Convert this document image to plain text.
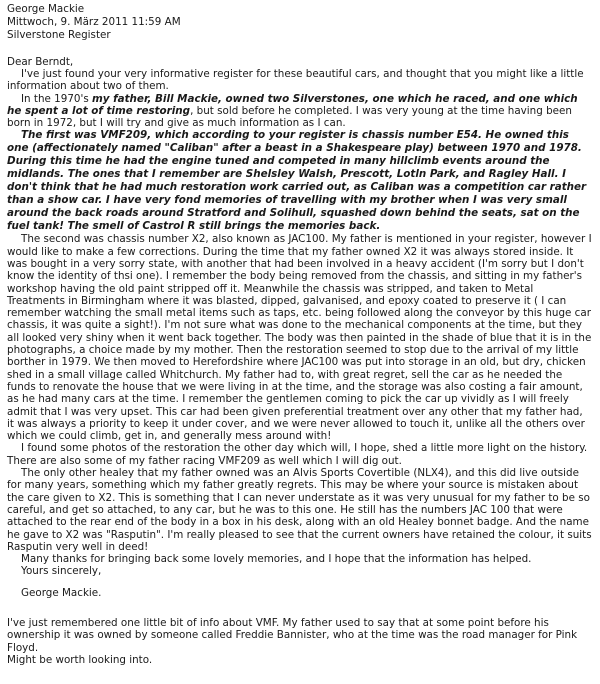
George Mackie
Mittwoch, 9. März 2011 11:59 AM
Silverstone Register

Dear Berndt,

I've just found your very informative register for these beautiful cars, and thought that you might like a little information about two of them.

In the 1970's my father, Bill Mackie, owned two Silverstones, one which he raced, and one which he spent a lot of time restoring, but sold before he completed. I was very young at the time having been born in 1972, but I will try and give as much information as I can.

The first was VMF209, which according to your register is chassis number E54. He owned this one (affectionately named "Caliban" after a beast in a Shakespeare play) between 1970 and 1978. During this time he had the engine tuned and competed in many hillclimb events around the midlands. The ones that I remember are Shelsley Walsh, Prescott, Lotln Park, and Ragley Hall. I don't think that he had much restoration work carried out, as Caliban was a competition car rather than a show car. I have very fond memories of travelling with my brother when I was very small around the back roads around Stratford and Solihull, squashed down behind the seats, sat on the fuel tank! The smell of Castrol R still brings the memories back.

The second was chassis number X2, also known as JAC100. My father is mentioned in your register, however I would like to make a few corrections. During the time that my father owned X2 it was always stored inside. It was bought in a very sorry state, with another that had been involved in a heavy accident (I'm sorry but I don't know the identity of thsi one). I remember the body being removed from the chassis, and sitting in my father's workshop having the old paint stripped off it. Meanwhile the chassis was stripped, and taken to Metal Treatments in Birmingham where it was blasted, dipped, galvanised, and epoxy coated to preserve it ( I can remember watching the small metal items such as taps, etc. being followed along the conveyor by this huge car chassis, it was quite a sight!). I'm not sure what was done to the mechanical components at the time, but they all looked very shiny when it went back together. The body was then painted in the shade of blue that it is in the photographs, a choice made by my mother. Then the restoration seemed to stop due to the arrival of my little borther in 1979. We then moved to Herefordshire where JAC100 was put into storage in an old, but dry, chicken shed in a small village called Whitchurch. My father had to, with great regret, sell the car as he needed the funds to renovate the house that we were living in at the time, and the storage was also costing a fair amount, as he had many cars at the time. I remember the gentlemen coming to pick the car up vividly as I will freely admit that I was very upset. This car had been given preferential treatment over any other that my father had, it was always a priority to keep it under cover, and we were never allowed to touch it, unlike all the others over which we could climb, get in, and generally mess around with!

I found some photos of the restoration the other day which will, I hope, shed a little more light on the history. There are also some of my father racing VMF209 as well which I will dig out.

The only other healey that my father owned was an Alvis Sports Covertible (NLX4), and this did live outside for many years, something which my father greatly regrets. This may be where your source is mistaken about the care given to X2. This is something that I can never understate as it was very unusual for my father to be so careful, and get so attached, to any car, but he was to this one. He still has the numbers JAC 100 that were attached to the rear end of the body in a box in his desk, along with an old Healey bonnet badge. And the name he gave to X2 was "Rasputin". I'm really pleased to see that the current owners have retained the colour, it suits Rasputin very well in deed!

Many thanks for bringing back some lovely memories, and I hope that the information has helped.

Yours sincerely,

George Mackie.

I've just remembered one little bit of info about VMF. My father used to say that at some point before his ownership it was owned by someone called Freddie Bannister, who at the time was the road manager for Pink Floyd.

Might be worth looking into.
